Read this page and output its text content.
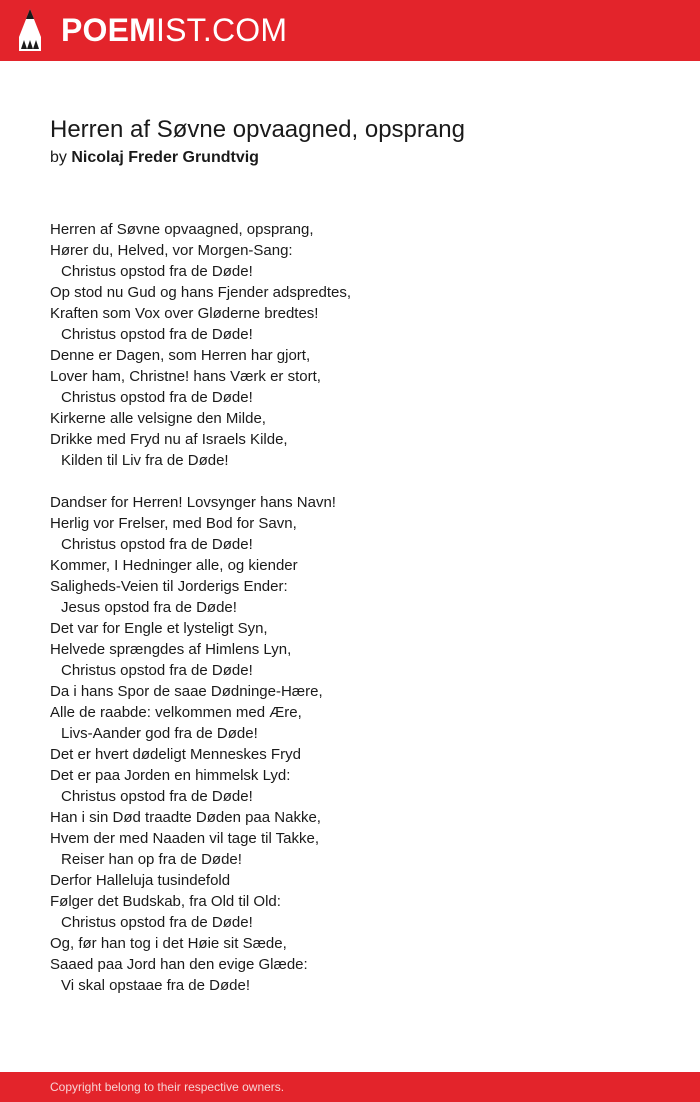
POEMIST.COM
Herren af Søvne opvaagned, opsprang
by Nicolaj Freder Grundtvig
Herren af Søvne opvaagned, opsprang,
Hører du, Helved, vor Morgen-Sang:
Christus opstod fra de Døde!
Op stod nu Gud og hans Fjender adspredtes,
Kraften som Vox over Gløderne bredtes!
Christus opstod fra de Døde!
Denne er Dagen, som Herren har gjort,
Lover ham, Christne! hans Værk er stort,
Christus opstod fra de Døde!
Kirkerne alle velsigne den Milde,
Drikke med Fryd nu af Israels Kilde,
Kilden til Liv fra de Døde!
Dandser for Herren! Lovsynger hans Navn!
Herlig vor Frelser, med Bod for Savn,
Christus opstod fra de Døde!
Kommer, I Hedninger alle, og kiender
Saligheds-Veien til Jorderigs Ender:
Jesus opstod fra de Døde!
Det var for Engle et lysteligt Syn,
Helvede sprængdes af Himlens Lyn,
Christus opstod fra de Døde!
Da i hans Spor de saae Dødninge-Hære,
Alle de raabde: velkommen med Ære,
Livs-Aander god fra de Døde!
Det er hvert dødeligt Menneskes Fryd
Det er paa Jorden en himmelsk Lyd:
Christus opstod fra de Døde!
Han i sin Død traadte Døden paa Nakke,
Hvem der med Naaden vil tage til Takke,
Reiser han op fra de Døde!
Derfor Halleluja tusindefold
Følger det Budskab, fra Old til Old:
Christus opstod fra de Døde!
Og, før han tog i det Høie sit Sæde,
Saaed paa Jord han den evige Glæde:
Vi skal opstaae fra de Døde!
Copyright belong to their respective owners.
